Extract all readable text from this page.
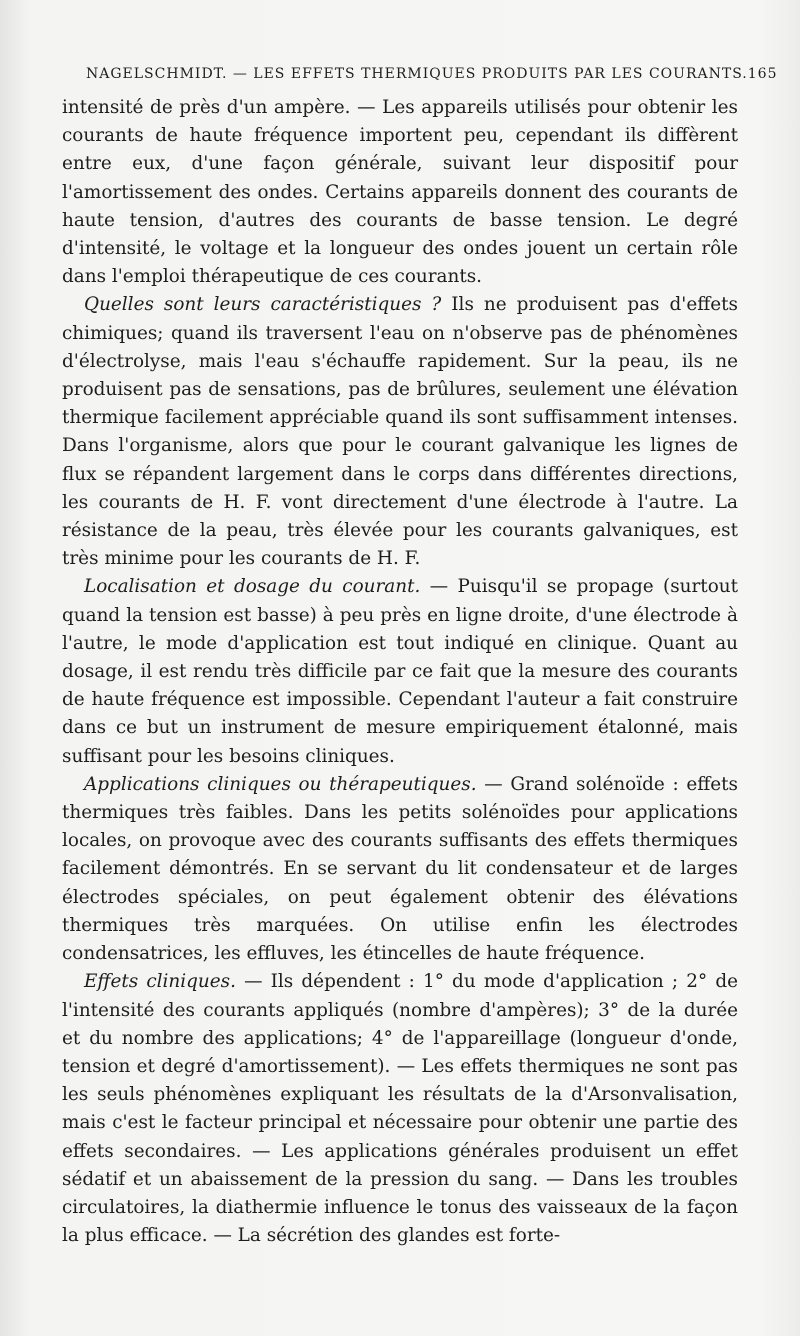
NAGELSCHMIDT. — LES EFFETS THERMIQUES PRODUITS PAR LES COURANTS. 165

intensité de près d'un ampère. — Les appareils utilisés pour obtenir les courants de haute fréquence importent peu, cependant ils diffèrent entre eux, d'une façon générale, suivant leur dispositif pour l'amortissement des ondes. Certains appareils donnent des courants de haute tension, d'autres des courants de basse tension. Le degré d'intensité, le voltage et la longueur des ondes jouent un certain rôle dans l'emploi thérapeutique de ces courants.

Quelles sont leurs caractéristiques ? Ils ne produisent pas d'effets chimiques; quand ils traversent l'eau on n'observe pas de phénomènes d'électrolyse, mais l'eau s'échauffe rapidement. Sur la peau, ils ne produisent pas de sensations, pas de brûlures, seulement une élévation thermique facilement appréciable quand ils sont suffisamment intenses. Dans l'organisme, alors que pour le courant galvanique les lignes de flux se répandent largement dans le corps dans différentes directions, les courants de H. F. vont directement d'une électrode à l'autre. La résistance de la peau, très élevée pour les courants galvaniques, est très minime pour les courants de H. F.

Localisation et dosage du courant. — Puisqu'il se propage (surtout quand la tension est basse) à peu près en ligne droite, d'une électrode à l'autre, le mode d'application est tout indiqué en clinique. Quant au dosage, il est rendu très difficile par ce fait que la mesure des courants de haute fréquence est impossible. Cependant l'auteur a fait construire dans ce but un instrument de mesure empiriquement étalonné, mais suffisant pour les besoins cliniques.

Applications cliniques ou thérapeutiques. — Grand solénoïde : effets thermiques très faibles. Dans les petits solénoïdes pour applications locales, on provoque avec des courants suffisants des effets thermiques facilement démontrés. En se servant du lit condensateur et de larges électrodes spéciales, on peut également obtenir des élévations thermiques très marquées. On utilise enfin les électrodes condensatrices, les effluves, les étincelles de haute fréquence.

Effets cliniques. — Ils dépendent : 1° du mode d'application ; 2° de l'intensité des courants appliqués (nombre d'ampères); 3° de la durée et du nombre des applications; 4° de l'appareillage (longueur d'onde, tension et degré d'amortissement). — Les effets thermiques ne sont pas les seuls phénomènes expliquant les résultats de la d'Arsonvalisation, mais c'est le facteur principal et nécessaire pour obtenir une partie des effets secondaires. — Les applications générales produisent un effet sédatif et un abaissement de la pression du sang. — Dans les troubles circulatoires, la diathermie influence le tonus des vaisseaux de la façon la plus efficace. — La sécrétion des glandes est forte-
